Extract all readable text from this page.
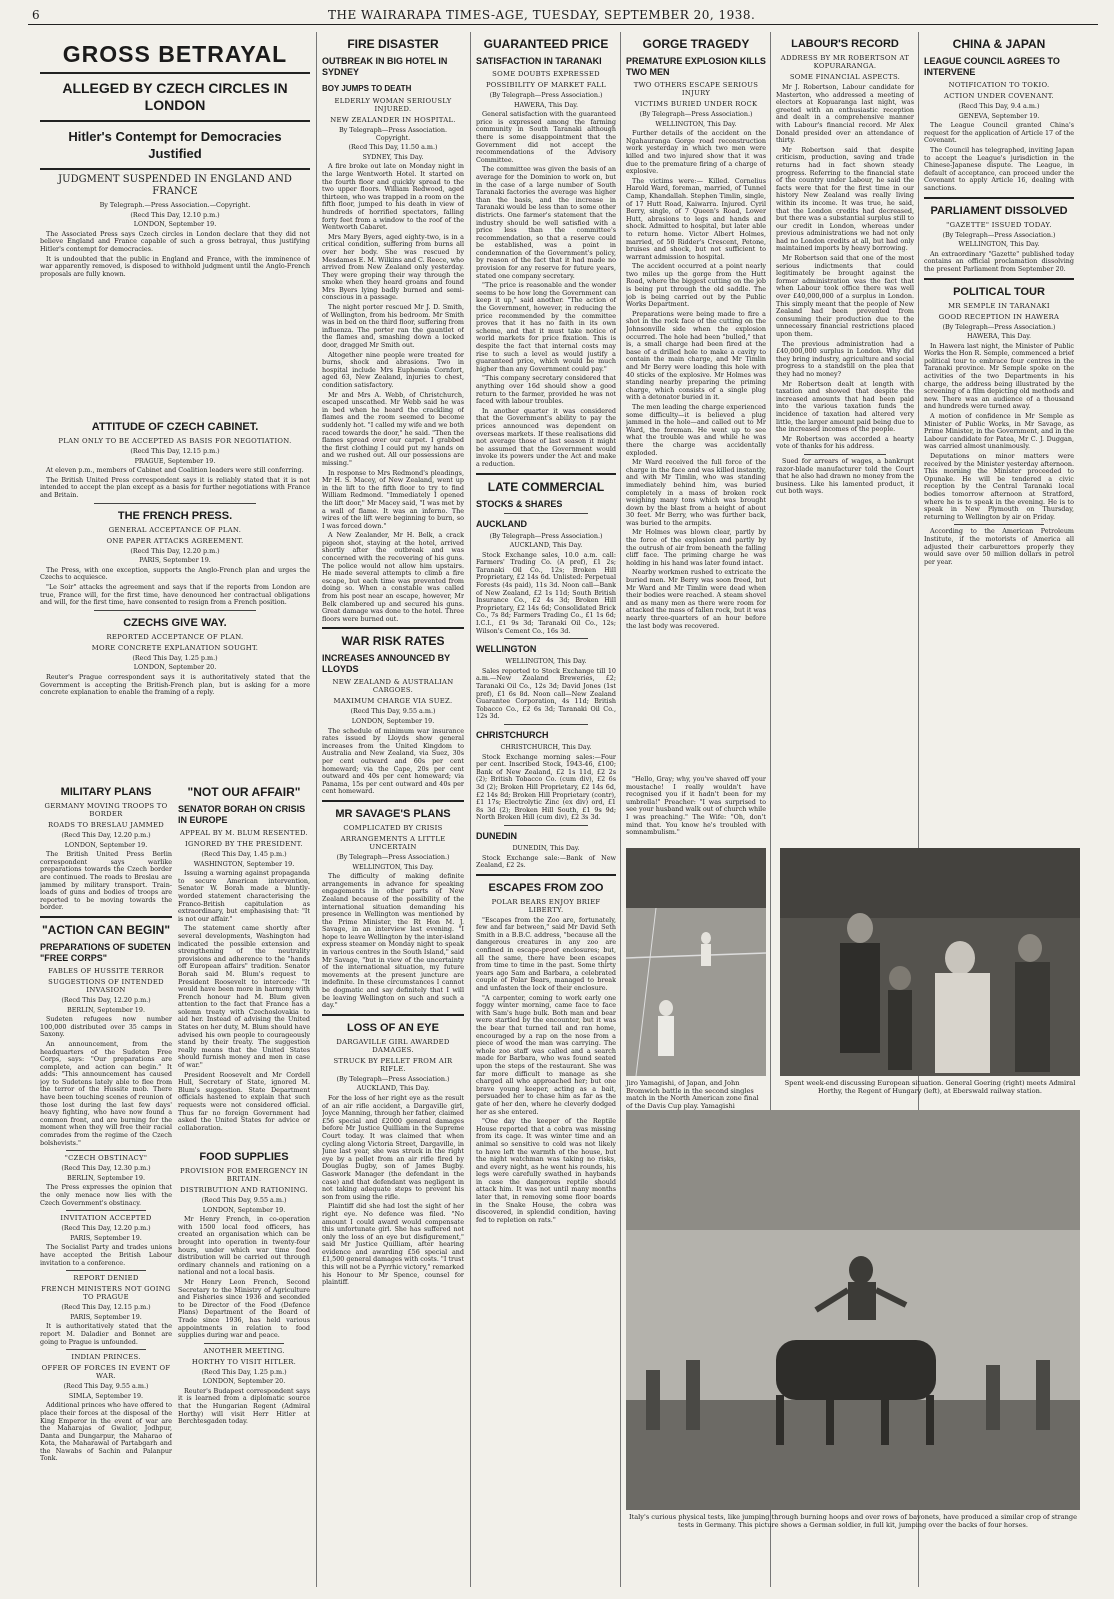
6	THE WAIRARAPA TIMES-AGE, TUESDAY, SEPTEMBER 20, 1938.
GROSS BETRAYAL
ALLEGED BY CZECH CIRCLES IN LONDON
Hitler's Contempt for Democracies Justified
JUDGMENT SUSPENDED IN ENGLAND AND FRANCE
By Telegraph.—Press Association.—Copyright.
(Recd This Day, 12.10 p.m.)
LONDON, September 19.

The Associated Press says Czech circles in London declare that they did not believe England and France capable of such a gross betrayal, thus justifying Hitler's contempt for democracies.

It is undoubted that the public in England and France, with the imminence of war apparently removed, is disposed to withhold judgment until the Anglo-French proposals are fully known.

ATTITUDE OF CZECH CABINET.
PLAN ONLY TO BE ACCEPTED AS BASIS FOR NEGOTIATION.
(Recd This Day, 12.15 p.m.)
PRAGUE, September 19.

At eleven p.m., members of Cabinet and Coalition leaders were still conferring.

The British United Press correspondent says it is reliably stated that it is not intended to accept the plan except as a basis for further negotiations with France and Britain.

THE FRENCH PRESS.
GENERAL ACCEPTANCE OF PLAN.
ONE PAPER ATTACKS AGREEMENT.
(Recd This Day, 12.20 p.m.)
PARIS, September 19.

The Press, with one exception, supports the Anglo-French plan and urges the Czechs to acquiesce.

"Le Soir" attacks the agreement and says that if the reports from London are true, France will, for the first time, have denounced her contractual obligations and will, for the first time, have consented to resign from a French position.

CZECHS GIVE WAY.
REPORTED ACCEPTANCE OF PLAN.
MORE CONCRETE EXPLANATION SOUGHT.
(Recd This Day, 1.25 p.m.)
LONDON, September 20.

Reuter's Prague correspondent says it is authoritatively stated that the Government is accepting the British-French plan, but is asking for a more concrete explanation to enable the framing of a reply.

MILITARY PLANS
GERMANY MOVING TROOPS TO BORDER
ROADS TO BRESLAU JAMMED
(Recd This Day, 12.20 p.m.)
LONDON, September 19.

The British United Press Berlin correspondent says warlike preparations towards the Czech border are continued. The roads to Breslau are jammed by military transport. Train-loads of guns and bodies of troops are reported to be moving towards the border.

"ACTION CAN BEGIN"
PREPARATIONS OF SUDETEN "FREE CORPS"
FABLES OF HUSSITE TERROR
SUGGESTIONS OF INTENDED INVASION
(Recd This Day, 12.20 p.m.)
BERLIN, September 19.

Sudeten refugees now number 100,000 distributed over 35 camps in Saxony.

An announcement, from the headquarters of the Sudeten Free Corps, says: "Our preparations are complete, and action can begin." It adds: "This announcement has caused joy to Sudetens lately able to flee from the terror of the Hussite mob. There have been touching scenes of reunion of those lost during the last few days' heavy fighting, who have now found a common front, and are burning for the moment when they will free their racial comrades from the regime of the Czech bolshevists."

"CZECH OBSTINACY"
(Recd This Day, 12.30 p.m.)
BERLIN, September 19.

The Press expresses the opinion that the only menace now lies with the Czech Government's obstinacy.

INVITATION ACCEPTED
(Recd This Day, 12.20 p.m.)
PARIS, September 19.

The Socialist Party and trades unions have accepted the British Labour invitation to a conference.

REPORT DENIED
FRENCH MINISTERS NOT GOING TO PRAGUE
(Recd This Day, 12.15 p.m.)
PARIS, September 19.

It is authoritatively stated that the report M. Daladier and Bonnet are going to Prague is unfounded.

INDIAN PRINCES.
OFFER OF FORCES IN EVENT OF WAR.
(Recd This Day, 9.55 a.m.)
SIMLA, September 19.

Additional princes who have offered to place their forces at the disposal of the King Emperor in the event of war are the Maharajas of Gwalior, Jodhpur, Danta and Dungarpur, the Maharao of Kota, the Maharawal of Partabgarh and the Nawabs of Sachin and Palanpur Tonk.

"NOT OUR AFFAIR"
SENATOR BORAH ON CRISIS IN EUROPE
APPEAL BY M. BLUM RESENTED.
IGNORED BY THE PRESIDENT.
(Recd This Day, 1.45 p.m.)
WASHINGTON, September 19.

Issuing a warning against propaganda to secure American intervention, Senator W. Borah made a bluntly-worded statement characterising the Franco-British capitulation as extraordinary, but emphasising that: "It is not our affair."

The statement came shortly after several developments, Washington had indicated the possible extension and strengthening of the neutrality provisions and adherence to the "hands off European affairs" tradition. Senator Borah said M. Blum's request to President Roosevelt to intercede: "It would have been more in harmony with French honour had M. Blum given attention to the fact that France has a solemn treaty with Czechoslovakia to aid her. Instead of advising the United States on her duty, M. Blum should have advised his own people to courageously stand by their treaty. The suggestion really means that the United States should furnish money and men in case of war."

President Roosevelt and Mr Cordell Hull, Secretary of State, ignored M. Blum's suggestion. State Department officials hastened to explain that such requests were not considered official. Thus far no foreign Government had asked the United States for advice or collaboration.

FOOD SUPPLIES
PROVISION FOR EMERGENCY IN BRITAIN.
DISTRIBUTION AND RATIONING.
(Recd This Day, 9.55 a.m.)
LONDON, September 19.

Mr Henry French, in co-operation with 1500 local food officers, has created an organisation which can be brought into operation in twenty-four hours, under which war time food distribution will be carried out through ordinary channels and rationing on a national and not a local basis.

Mr Henry Leon French, Second Secretary to the Ministry of Agriculture and Fisheries since 1936 and seconded to be Director of the Food (Defence Plans) Department of the Board of Trade since 1936, has held various appointments in relation to food supplies during war and peace.

ANOTHER MEETING.
HORTHY TO VISIT HITLER.
(Recd This Day, 1.25 p.m.)
LONDON, September 20.

Reuter's Budapest correspondent says it is learned from a diplomatic source that the Hungarian Regent (Admiral Horthy) will visit Herr Hitler at Berchtesgaden today.

FIRE DISASTER
OUTBREAK IN BIG HOTEL IN SYDNEY
BOY JUMPS TO DEATH
ELDERLY WOMAN SERIOUSLY INJURED.
NEW ZEALANDER IN HOSPITAL.
By Telegraph—Press Association. Copyright.
(Recd This Day, 11.50 a.m.)
SYDNEY, This Day.

A fire broke out late on Monday night in the large Wentworth Hotel. It started on the fourth floor and quickly spread to the two upper floors. William Redwood, aged thirteen, who was trapped in a room on the fifth floor, jumped to his death in view of hundreds of horrified spectators, falling forty feet from a window to the roof of the Wentworth Cabaret.

Mrs Mary Byers, aged eighty-two, is in a critical condition, suffering from burns all over her body. She was rescued by Mesdames E. M. Wilkins and C. Reece, who arrived from New Zealand only yesterday. They were groping their way through the smoke when they heard groans and found Mrs Byers lying badly burned and semi-conscious in a passage.

The night porter rescued Mr J. D. Smith, of Wellington, from his bedroom. Mr Smith was in bed on the third floor, suffering from influenza. The porter ran the gauntlet of the flames and, smashing down a locked door, dragged Mr Smith out.

Altogether nine people were treated for burns, shock and abrasions. Two in hospital include Mrs Euphemia Cornfort, aged 63, New Zealand, injuries to chest, condition satisfactory.

Mr and Mrs A. Webb, of Christchurch, escaped unscathed. Mr Webb said he was in bed when he heard the crackling of flames and the room seemed to become suddenly hot. "I called my wife and we both raced towards the door," he said. "Then the flames spread over our carpet. I grabbed the first clothing I could put my hands on and we rushed out. All our possessions are missing."

In response to Mrs Redmond's pleadings, Mr H. S. Macey, of New Zealand, went up in the lift to the fifth floor to try to find William Redmond. "Immediately I opened the lift door," Mr Macey said, "I was met by a wall of flame. It was an inferno. The wires of the lift were beginning to burn, so I was forced down."

A New Zealander, Mr H. Belk, a crack pigeon shot, staying at the hotel, arrived shortly after the outbreak and was concerned with the recovering of his guns. The police would not allow him upstairs. He made several attempts to climb a fire escape, but each time was prevented from doing so. When a constable was called from his post near an escape, however, Mr Belk clambered up and secured his guns. Great damage was done to the hotel. Three floors were burned out.

WAR RISK RATES
INCREASES ANNOUNCED BY LLOYDS
NEW ZEALAND & AUSTRALIAN CARGOES.
MAXIMUM CHARGE VIA SUEZ.
(Recd This Day, 9.55 a.m.)
LONDON, September 19.

The schedule of minimum war insurance rates issued by Lloyds show general increases from the United Kingdom to Australia and New Zealand, via Suez, 30s per cent outward and 60s per cent homeward; via the Cape, 20s per cent outward and 40s per cent homeward; via Panama, 15s per cent outward and 40s per cent homeward.

MR SAVAGE'S PLANS
COMPLICATED BY CRISIS
ARRANGEMENTS A LITTLE UNCERTAIN
(By Telegraph—Press Association.)
WELLINGTON, This Day.

The difficulty of making definite arrangements in advance for speaking engagements in other parts of New Zealand because of the possibility of the international situation demanding his presence in Wellington was mentioned by the Prime Minister, the Rt Hon M. J. Savage, in an interview last evening. "I hope to leave Wellington by the inter-island express steamer on Monday night to speak in various centres in the South Island," said Mr Savage, "but in view of the uncertainty of the international situation, my future movements at the present juncture are indefinite. In these circumstances I cannot be dogmatic and say definitely that I will be leaving Wellington on such and such a day."

LOSS OF AN EYE
DARGAVILLE GIRL AWARDED DAMAGES.
STRUCK BY PELLET FROM AIR RIFLE.
(By Telegraph—Press Association.)
AUCKLAND, This Day.

For the loss of her right eye as the result of an air rifle accident, a Dargaville girl, Joyce Manning, through her father, claimed £56 special and £2000 general damages before Mr Justice Quilliam in the Supreme Court today. It was claimed that when cycling along Victoria Street, Dargaville, in June last year, she was struck in the right eye by a pellet from an air rifle fired by Douglas Dugby, son of James Bugby. Gaswork Manager (the defendant in the case) and that defendant was negligent in not taking adequate steps to prevent his son from using the rifle.

Plaintiff did she had lost the sight of her right eye. No defence was filed. "No amount I could award would compensate this unfortunate girl. She has suffered not only the loss of an eye but disfigurement," said Mr Justice Quilliam, after hearing evidence and awarding £56 special and £1,500 general damages with costs. "I trust this will not be a Pyrrhic victory," remarked his Honour to Mr Spence, counsel for plaintiff.

GUARANTEED PRICE
SATISFACTION IN TARANAKI
SOME DOUBTS EXPRESSED
POSSIBILITY OF MARKET FALL
(By Telegraph—Press Association.)
HAWERA, This Day.

General satisfaction with the guaranteed price is expressed among the farming community in South Taranaki although there is some disappointment that the Government did not accept the recommendations of the Advisory Committee.

The committee was given the basis of an average for the Dominion to work on, but in the case of a large number of South Taranaki factories the average was higher than the basis, and the increase in Taranaki would be less than to some other districts. One farmer's statement that the industry should be well satisfied with a price less than the committee's recommendation, so that a reserve could be established, was a point in condemnation of the Government's policy, by reason of the fact that it had made no provision for any reserve for future years, stated one company secretary.

"The price is reasonable and the wonder seems to be how long the Government can keep it up," said another. "The action of the Government, however, in reducing the price recommended by the committee proves that it has no faith in its own scheme, and that it must take notice of world markets for price fixation. This is despite the fact that internal costs may rise to such a level as would justify a guaranteed price, which would be much higher than any Government could pay."

"This company secretary considered that anything over 16d should show a good return to the farmer, provided he was not faced with labour troubles.

In another quarter it was considered that the Government's ability to pay the prices announced was dependent on overseas markets. If these realisations did not average those of last season it might be assumed that the Government would invoke its powers under the Act and make a reduction.

LATE COMMERCIAL
STOCKS & SHARES
AUCKLAND
(By Telegraph—Press Association.)
AUCKLAND, This Day.

Stock Exchange sales, 10.0 a.m. call: Farmers' Trading Co. (A pref), £1 2s; Taranaki Oil Co., 12s; Broken Hill Proprietary, £2 14s 6d. Unlisted: Perpetual Forests (4s paid), 11s 3d. Noon call—Bank of New Zealand, £2 1s 11d; South British Insurance Co., £2 4s 3d; Broken Hill Proprietary, £2 14s 6d; Consolidated Brick Co., 7s 8d; Farmers Trading Co., £1 1s 6d; I.C.I., £1 9s 3d; Taranaki Oil Co., 12s; Wilson's Cement Co., 16s 3d.

WELLINGTON
WELLINGTON, This Day.

Sales reported to Stock Exchange till 10 a.m.—New Zealand Breweries, £2; Taranaki Oil Co., 12s 3d; David Jones (1st pref), £1 6s 8d. Noon call—New Zealand Guarantee Corporation, 4s 11d; British Tobacco Co., £2 6s 3d; Taranaki Oil Co., 12s 3d.

CHRISTCHURCH
CHRISTCHURCH, This Day.

Stock Exchange morning sales:—Four per cent. Inscribed Stock, 1943-46, £100; Bank of New Zealand, £2 1s 11d, £2 2s (2); British Tobacco Co. (cum div), £2 6s 3d (2); Broken Hill Proprietary, £2 14s 6d, £2 14s 8d; Broken Hill Proprietary (contr), £1 17s; Electrolytic Zinc (ex div) ord, £1 8s 3d (2); Broken Hill South, £1 9s 9d; North Broken Hill (cum div), £2 3s 3d.

DUNEDIN
DUNEDIN, This Day.

Stock Exchange sale:—Bank of New Zealand, £2 2s.

ESCAPES FROM ZOO
POLAR BEARS ENJOY BRIEF LIBERTY.

"Escapes from the Zoo are, fortunately, few and far between," said Mr David Seth Smith in a B.B.C. address, "because all the dangerous creatures in any zoo are confined in escape-proof enclosures; but, all the same, there have been escapes from time to time in the past. Some thirty years ago Sam and Barbara, a celebrated couple of Polar Bears, managed to break and unfasten the lock of their enclosure.

"A carpenter, coming to work early one foggy winter morning, came face to face with Sam's huge bulk. Both man and bear were startled by the encounter, but it was the bear that turned tail and ran home, encouraged by a rap on the nose from a piece of wood the man was carrying. The whole zoo staff was called and a search made for Barbara, who was found seated upon the steps of the restaurant. She was far more difficult to manage as she charged all who approached her; but one brave young keeper, acting as a bait, persuaded her to chase him as far as the gate of her den, where he cleverly dodged her as she entered.

"One day the keeper of the Reptile House reported that a cobra was missing from its cage. It was winter time and an animal so sensitive to cold was not likely to have left the warmth of the house, but the night watchman was taking no risks, and every night, as he went his rounds, his legs were carefully swathed in haybands in case the dangerous reptile should attack him. It was not until many months later that, in removing some floor boards in the Snake House, the cobra was discovered, in splendid condition, having fed to repletion on rats."

GORGE TRAGEDY
PREMATURE EXPLOSION KILLS TWO MEN
TWO OTHERS ESCAPE SERIOUS INJURY
VICTIMS BURIED UNDER ROCK
(By Telegraph—Press Association.)
WELLINGTON, This Day.

Further details of the accident on the Ngahauranga Gorge road reconstruction work yesterday in which two men were killed and two injured show that it was due to the premature firing of a charge of explosive.

The victims were:— Killed. Cornelius Harold Ward, foreman, married, of Tunnel Camp, Khandallah. Stephen Timlin, single, of 17 Hutt Road, Kaiwarra. Injured. Cyril Berry, single, of 7 Queen's Road, Lower Hutt, abrasions to legs and hands and shock. Admitted to hospital, but later able to return home. Victor Albert Holmes, married, of 50 Ridder's Crescent, Petone, bruises and shock, but not sufficient to warrant admission to hospital.

The accident occurred at a point nearly two miles up the gorge from the Hutt Road, where the biggest cutting on the job is being put through the old saddle. The job is being carried out by the Public Works Department.

Preparations were being made to fire a shot in the rock face of the cutting on the Johnsonville side when the explosion occurred. The hole had been "bulled," that is, a small charge had been fired at the base of a drilled hole to make a cavity to contain the main charge, and Mr Timlin and Mr Berry were loading this hole with 40 sticks of the explosive. Mr Holmes was standing nearby preparing the priming charge, which consists of a single plug with a detonator buried in it.

The men leading the charge experienced some difficulty—it is believed a plug jammed in the hole—and called out to Mr Ward, the foreman. He went up to see what the trouble was and while he was there the charge was accidentally exploded.

Mr Ward received the full force of the charge in the face and was killed instantly, and with Mr Timlin, who was standing immediately behind him, was buried completely in a mass of broken rock weighing many tons which was brought down by the blast from a height of about 30 feet. Mr Berry, who was further back, was buried to the armpits.

Mr Holmes was blown clear, partly by the force of the explosion and partly by the outrush of air from beneath the falling cliff face. The priming charge he was holding in his hand was later found intact.

Nearby workmen rushed to extricate the buried men. Mr Berry was soon freed, but Mr Ward and Mr Timlin were dead when their bodies were reached. A steam shovel and as many men as there were room for attacked the mass of fallen rock, but it was nearly three-quarters of an hour before the last body was recovered.

"Hello, Gray; why, you've shaved off your moustache! I really wouldn't have recognised you if it hadn't been for my umbrella!" Preacher: "I was surprised to see your husband walk out of church while I was preaching." The Wife: "Oh, don't mind that. You know he's troubled with somnambulism."

LABOUR'S RECORD
ADDRESS BY MR ROBERTSON AT KOPURARANGA.
SOME FINANCIAL ASPECTS.

Mr J. Robertson, Labour candidate for Masterton, who addressed a meeting of electors at Kopuaranga last night, was greeted with an enthusiastic reception and dealt in a comprehensive manner with Labour's financial record. Mr Alex Donald presided over an attendance of thirty.

Mr Robertson said that despite criticism, production, saving and trade returns had in fact shown steady progress. Referring to the financial state of the country under Labour, he said the facts were that for the first time in our history New Zealand was really living within its income. It was true, he said, that the London credits had decreased, but there was a substantial surplus still to our credit in London, whereas under previous administrations we had not only had no London credits at all, but had only maintained imports by heavy borrowing.

Mr Robertson said that one of the most serious indictments that could legitimately be brought against the former administration was the fact that when Labour took office there was well over £40,000,000 of a surplus in London. This simply meant that the people of New Zealand had been prevented from consuming their production due to the unnecessary financial restrictions placed upon them.

The previous administration had a £40,000,000 surplus in London. Why did they bring industry, agriculture and social progress to a standstill on the plea that they had no money?

Mr Robertson dealt at length with taxation and showed that despite the increased amounts that had been paid into the various taxation funds the incidence of taxation had altered very little, the larger amount paid being due to the increased incomes of the people.

Mr Robertson was accorded a hearty vote of thanks for his address.

Sued for arrears of wages, a bankrupt razor-blade manufacturer told the Court that he also had drawn no money from the business. Like his lamented product, it cut both ways.

CHINA & JAPAN
LEAGUE COUNCIL AGREES TO INTERVENE
NOTIFICATION TO TOKIO.
ACTION UNDER COVENANT.
(Recd This Day, 9.4 a.m.)
GENEVA, September 19.

The League Council granted China's request for the application of Article 17 of the Covenant.

The Council has telegraphed, inviting Japan to accept the League's jurisdiction in the Chinese-Japanese dispute. The League, in default of acceptance, can proceed under the Covenant to apply Article 16, dealing with sanctions.

PARLIAMENT DISSOLVED
"GAZETTE" ISSUED TODAY.
(By Telegraph—Press Association.)
WELLINGTON, This Day.

An extraordinary "Gazette" published today contains an official proclamation dissolving the present Parliament from September 20.

POLITICAL TOUR
MR SEMPLE IN TARANAKI
GOOD RECEPTION IN HAWERA
(By Telegraph—Press Association.)
HAWERA, This Day.

In Hawera last night, the Minister of Public Works the Hon R. Semple, commenced a brief political tour to embrace four centres in the Taranaki province. Mr Semple spoke on the activities of the two Departments in his charge, the address being illustrated by the screening of a film depicting old methods and new. There was an audience of a thousand and hundreds were turned away.

A motion of confidence in Mr Semple as Minister of Public Works, in Mr Savage, as Prime Minister, in the Government, and in the Labour candidate for Patea, Mr C. J. Duggan, was carried almost unanimously.

Deputations on minor matters were received by the Minister yesterday afternoon. This morning the Minister proceeded to Opunake. He will be tendered a civic reception by the Central Taranaki local bodies tomorrow afternoon at Stratford, where he is to speak in the evening. He is to speak in New Plymouth on Thursday, returning to Wellington by air on Friday.

According to the American Petroleum Institute, if the motorists of America all adjusted their carburettors properly they would save over 50 million dollars in petrol per year.

Jiro Yamagishi, of Japan, and John Bromwich battle in the second singles match in the North American zone final of the Davis Cup play. Yamagishi
Spent week-end discussing European situation. General Goering (right) meets Admiral Horthy, the Regent of Hungary (left), at Eberswald railway station.
Italy's curious physical tests, like jumping through burning hoops and over rows of bayonets, have produced a similar crop of strange tests in Germany. This picture shows a German soldier, in full kit, jumping over the backs of four horses.
